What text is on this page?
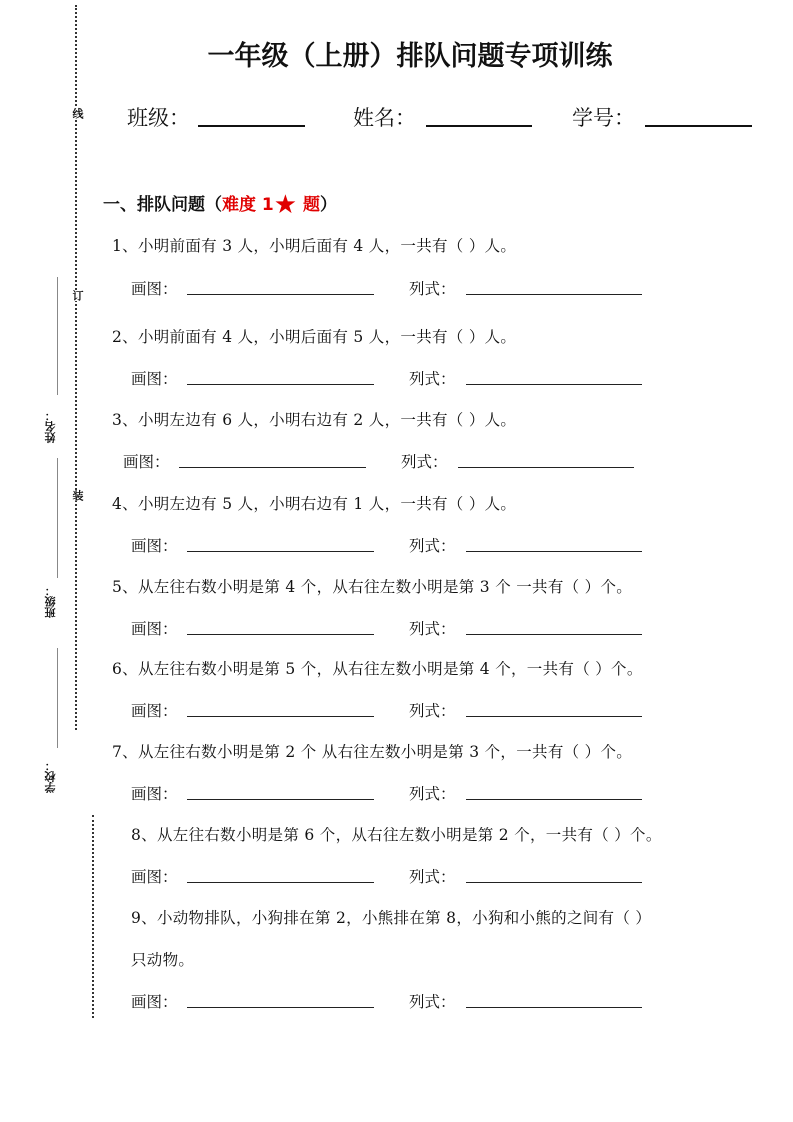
线
订
装
姓名：
班级：
学校：
一年级（上册）排队问题专项训练
班级：	姓名：	学号：
一、排队问题（难度 1★ 题）
1、小明前面有 3 人，小明后面有 4 人，一共有（ ）人。
画图：	列式：
2、小明前面有 4 人，小明后面有 5 人，一共有（ ）人。
画图：	列式：
3、小明左边有 6 人，小明右边有 2 人，一共有（ ）人。
画图：	列式：
4、小明左边有 5 人，小明右边有 1 人，一共有（ ）人。
画图：	列式：
5、从左往右数小明是第 4 个，从右往左数小明是第 3 个 一共有（ ）个。
画图：	列式：
6、从左往右数小明是第 5 个，从右往左数小明是第 4 个，一共有（ ）个。
画图：	列式：
7、从左往右数小明是第 2 个 从右往左数小明是第 3 个，一共有（ ）个。
画图：	列式：
8、从左往右数小明是第 6 个，从右往左数小明是第 2 个，一共有（ ）个。
画图：	列式：
9、小动物排队，小狗排在第 2，小熊排在第 8，小狗和小熊的之间有（ ）
只动物。
画图：	列式：
